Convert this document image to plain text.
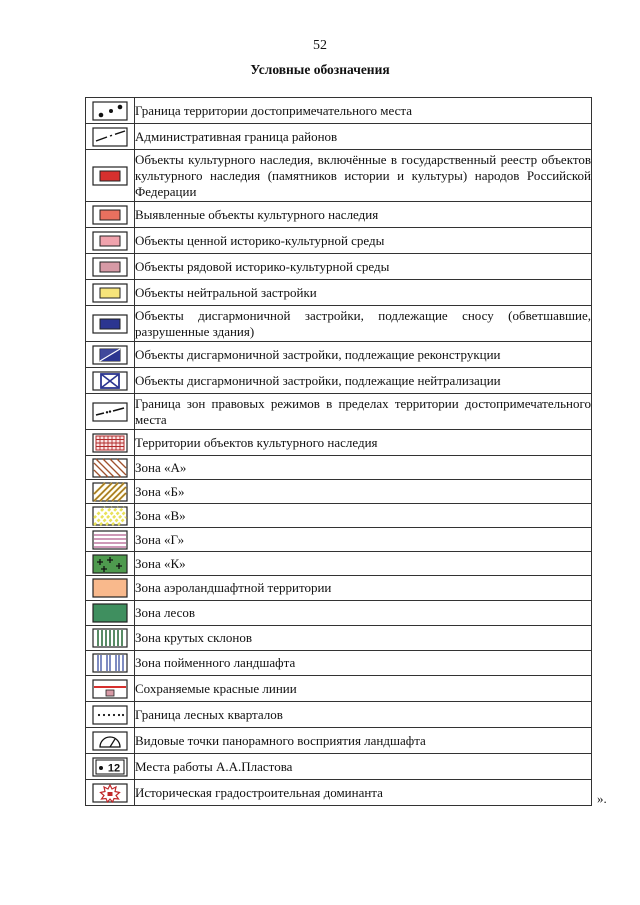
52
Условные обозначения
	Граница территории достопримечательного места

	Административная граница районов

	Объекты культурного наследия, включённые в государственный реестр объектов культурного наследия (памятников истории и культуры) народов Российской Федерации

	Выявленные объекты культурного наследия

	Объекты ценной историко-культурной среды

	Объекты рядовой историко-культурной среды

	Объекты нейтральной застройки

	Объекты дисгармоничной застройки, подлежащие сносу (обветшавшие, разрушенные здания)

	Объекты дисгармоничной застройки, подлежащие реконструкции

	Объекты дисгармоничной застройки, подлежащие нейтрализации

	Граница зон правовых режимов в пределах территории достопримечательного места

	Территории объектов культурного наследия

	Зона «А»

	Зона «Б»

	Зона «В»

	Зона «Г»

	Зона «К»

	Зона аэроландшафтной территории

	Зона лесов

	Зона крутых склонов

	Зона пойменного ландшафта

	Сохраняемые красные линии

	Граница лесных кварталов

	Видовые точки панорамного восприятия ландшафта

12	Места работы А.А.Пластова

	Историческая градостроительная доминанта	».
